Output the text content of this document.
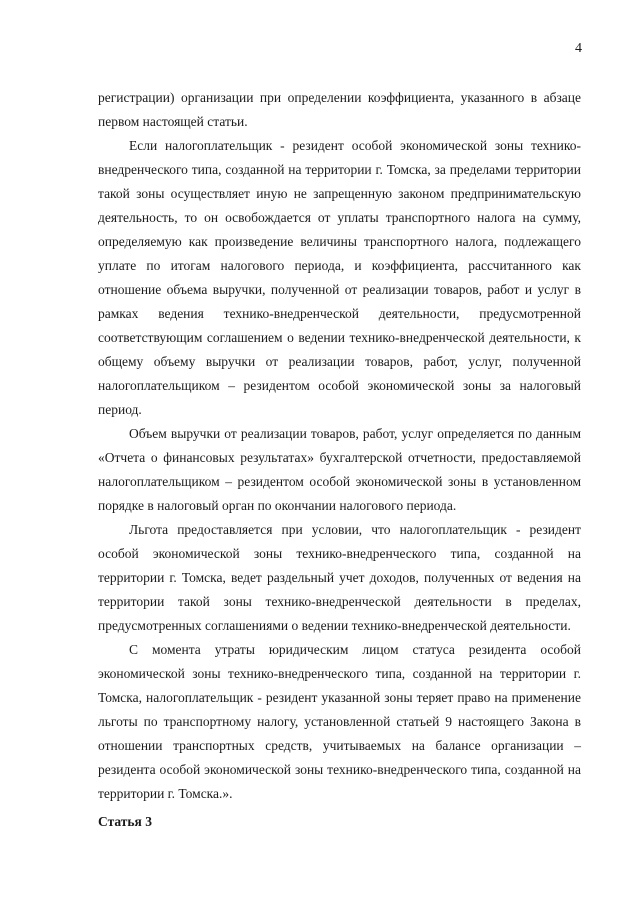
4

регистрации) организации при определении коэффициента, указанного в абзаце первом настоящей статьи.

Если налогоплательщик - резидент особой экономической зоны технико-внедренческого типа, созданной на территории г. Томска, за пределами территории такой зоны осуществляет иную не запрещенную законом предпринимательскую деятельность, то он освобождается от уплаты транспортного налога на сумму, определяемую как произведение величины транспортного налога, подлежащего уплате по итогам налогового периода, и коэффициента, рассчитанного как отношение объема выручки, полученной от реализации товаров, работ и услуг в рамках ведения технико-внедренческой деятельности, предусмотренной соответствующим соглашением о ведении технико-внедренческой деятельности, к общему объему выручки от реализации товаров, работ, услуг, полученной налогоплательщиком – резидентом особой экономической зоны за налоговый период.

Объем выручки от реализации товаров, работ, услуг определяется по данным «Отчета о финансовых результатах» бухгалтерской отчетности, предоставляемой налогоплательщиком – резидентом особой экономической зоны в установленном порядке в налоговый орган по окончании налогового периода.

Льгота предоставляется при условии, что налогоплательщик - резидент особой экономической зоны технико-внедренческого типа, созданной на территории г. Томска, ведет раздельный учет доходов, полученных от ведения на территории такой зоны технико-внедренческой деятельности в пределах, предусмотренных соглашениями о ведении технико-внедренческой деятельности.

С момента утраты юридическим лицом статуса резидента особой экономической зоны технико-внедренческого типа, созданной на территории г. Томска, налогоплательщик - резидент указанной зоны теряет право на применение льготы по транспортному налогу, установленной статьей 9 настоящего Закона в отношении транспортных средств, учитываемых на балансе организации – резидента особой экономической зоны технико-внедренческого типа, созданной на территории г. Томска.».

Статья 3
